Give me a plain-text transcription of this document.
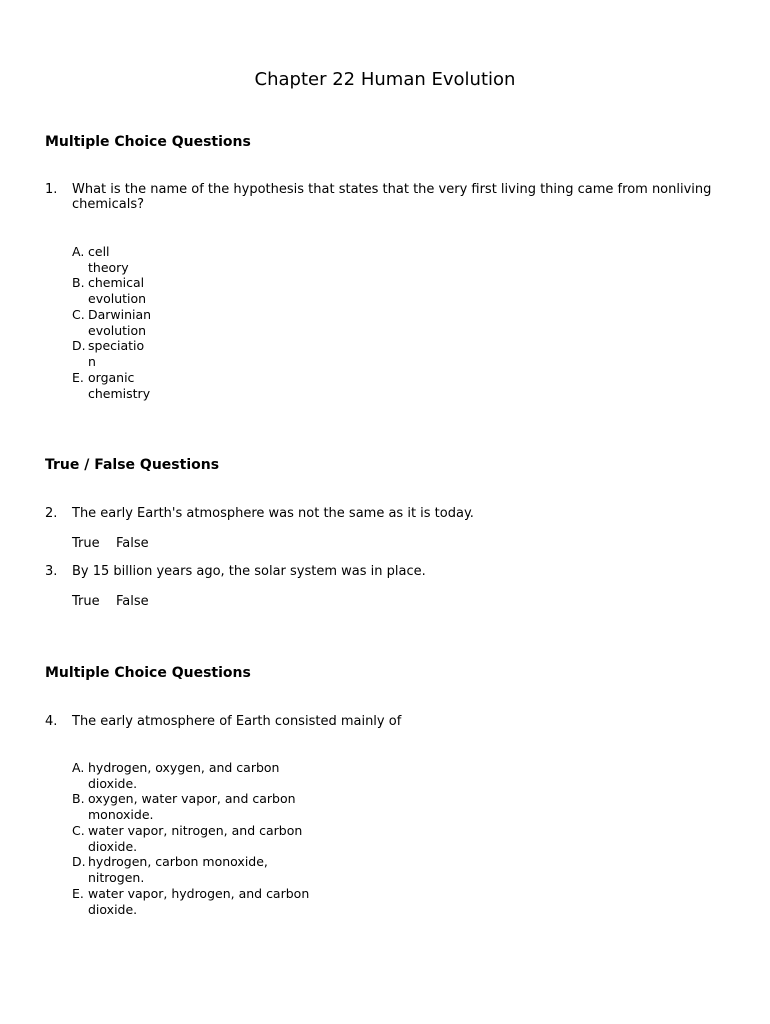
Chapter 22 Human Evolution
Multiple Choice Questions
1. What is the name of the hypothesis that states that the very first living thing came from nonliving chemicals?
A. cell
theory
B. chemical
evolution
C. Darwinian
evolution
D. speciatio
n
E. organic
chemistry
True / False Questions
2. The early Earth's atmosphere was not the same as it is today.
True False
3. By 15 billion years ago, the solar system was in place.
True False
Multiple Choice Questions
4. The early atmosphere of Earth consisted mainly of
A. hydrogen, oxygen, and carbon
dioxide.
B. oxygen, water vapor, and carbon
monoxide.
C. water vapor, nitrogen, and carbon
dioxide.
D. hydrogen, carbon monoxide,
nitrogen.
E. water vapor, hydrogen, and carbon
dioxide.
